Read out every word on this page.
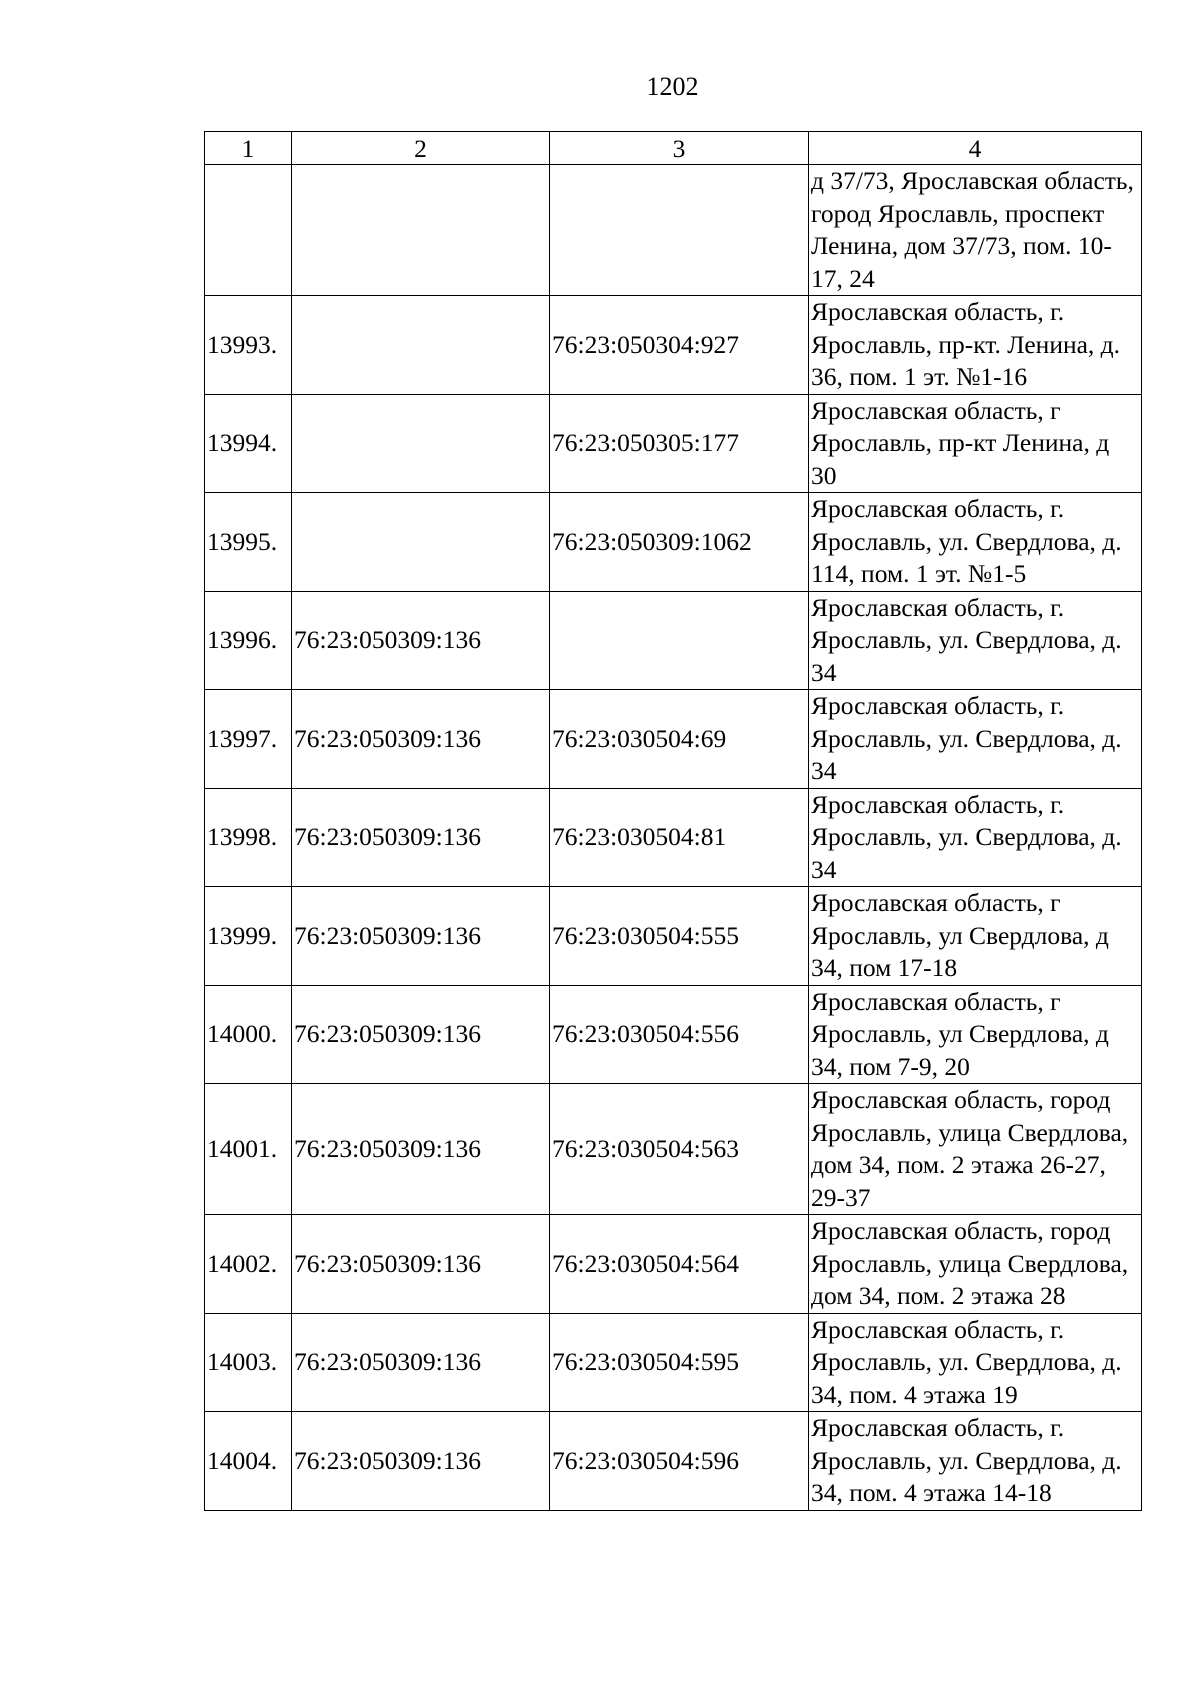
1202
1	2	3	4
			д 37/73, Ярославская область, город Ярославль, проспект Ленина, дом 37/73, пом. 10-17, 24
13993.		76:23:050304:927	Ярославская область, г. Ярославль, пр-кт. Ленина, д. 36, пом. 1 эт. №1-16
13994.		76:23:050305:177	Ярославская область, г Ярославль, пр-кт Ленина, д 30
13995.		76:23:050309:1062	Ярославская область, г. Ярославль, ул. Свердлова, д. 114, пом. 1 эт. №1-5
13996.	76:23:050309:136		Ярославская область, г. Ярославль, ул. Свердлова, д. 34
13997.	76:23:050309:136	76:23:030504:69	Ярославская область, г. Ярославль, ул. Свердлова, д. 34
13998.	76:23:050309:136	76:23:030504:81	Ярославская область, г. Ярославль, ул. Свердлова, д. 34
13999.	76:23:050309:136	76:23:030504:555	Ярославская область, г Ярославль, ул Свердлова, д 34, пом 17-18
14000.	76:23:050309:136	76:23:030504:556	Ярославская область, г Ярославль, ул Свердлова, д 34, пом 7-9, 20
14001.	76:23:050309:136	76:23:030504:563	Ярославская область, город Ярославль, улица Свердлова, дом 34, пом. 2 этажа 26-27, 29-37
14002.	76:23:050309:136	76:23:030504:564	Ярославская область, город Ярославль, улица Свердлова, дом 34, пом. 2 этажа 28
14003.	76:23:050309:136	76:23:030504:595	Ярославская область, г. Ярославль, ул. Свердлова, д. 34, пом. 4 этажа 19
14004.	76:23:050309:136	76:23:030504:596	Ярославская область, г. Ярославль, ул. Свердлова, д. 34, пом. 4 этажа 14-18
